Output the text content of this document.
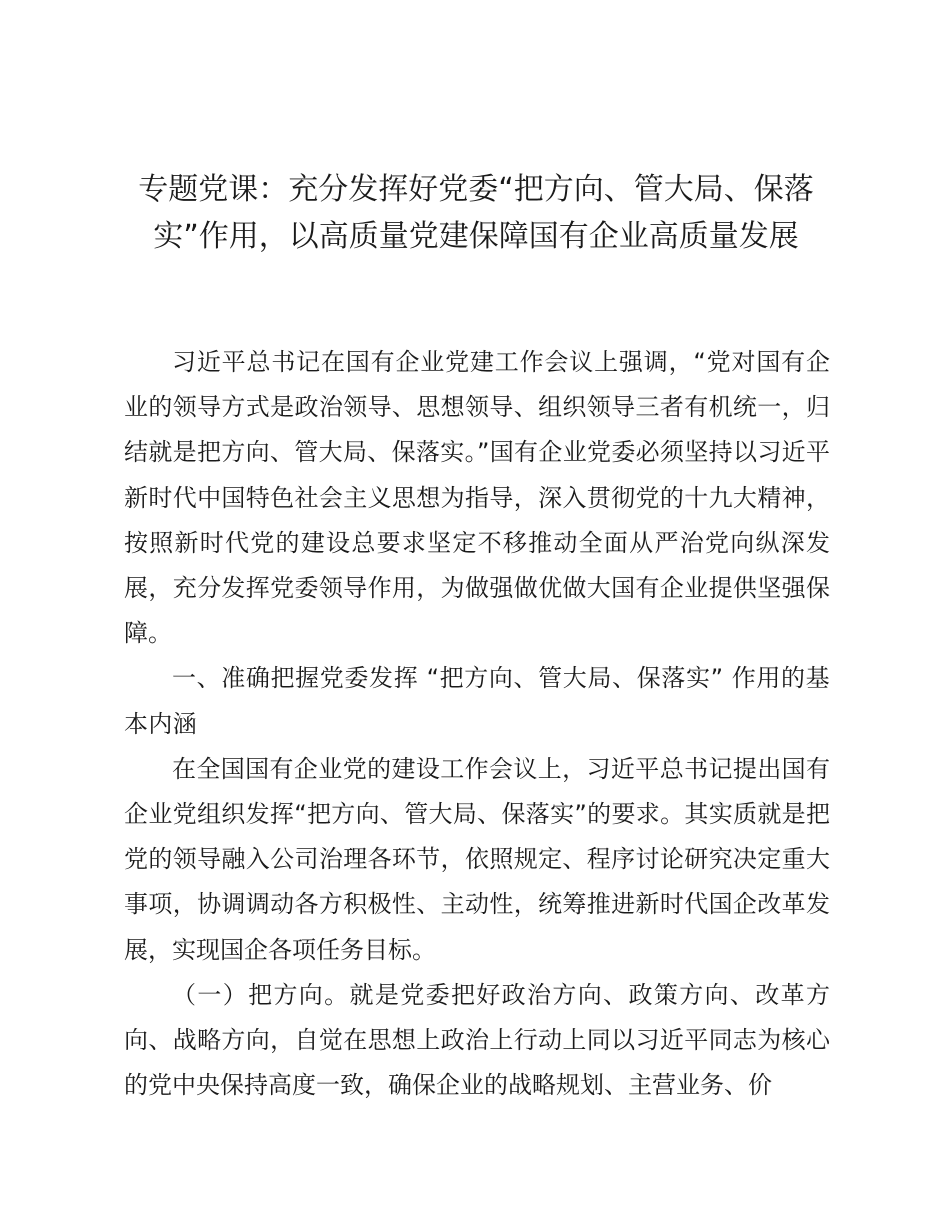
专题党课：充分发挥好党委“把方向、管大局、保落实”作用，以高质量党建保障国有企业高质量发展

习近平总书记在国有企业党建工作会议上强调，“党对国有企业的领导方式是政治领导、思想领导、组织领导三者有机统一，归结就是把方向、管大局、保落实。”国有企业党委必须坚持以习近平新时代中国特色社会主义思想为指导，深入贯彻党的十九大精神，按照新时代党的建设总要求坚定不移推动全面从严治党向纵深发展，充分发挥党委领导作用，为做强做优做大国有企业提供坚强保障。

一、准确把握党委发挥 “把方向、管大局、保落实” 作用的基本内涵

在全国国有企业党的建设工作会议上，习近平总书记提出国有企业党组织发挥“把方向、管大局、保落实”的要求。其实质就是把党的领导融入公司治理各环节，依照规定、程序讨论研究决定重大事项，协调调动各方积极性、主动性，统筹推进新时代国企改革发展，实现国企各项任务目标。

（一）把方向。就是党委把好政治方向、政策方向、改革方向、战略方向，自觉在思想上政治上行动上同以习近平同志为核心的党中央保持高度一致，确保企业的战略规划、主营业务、价
